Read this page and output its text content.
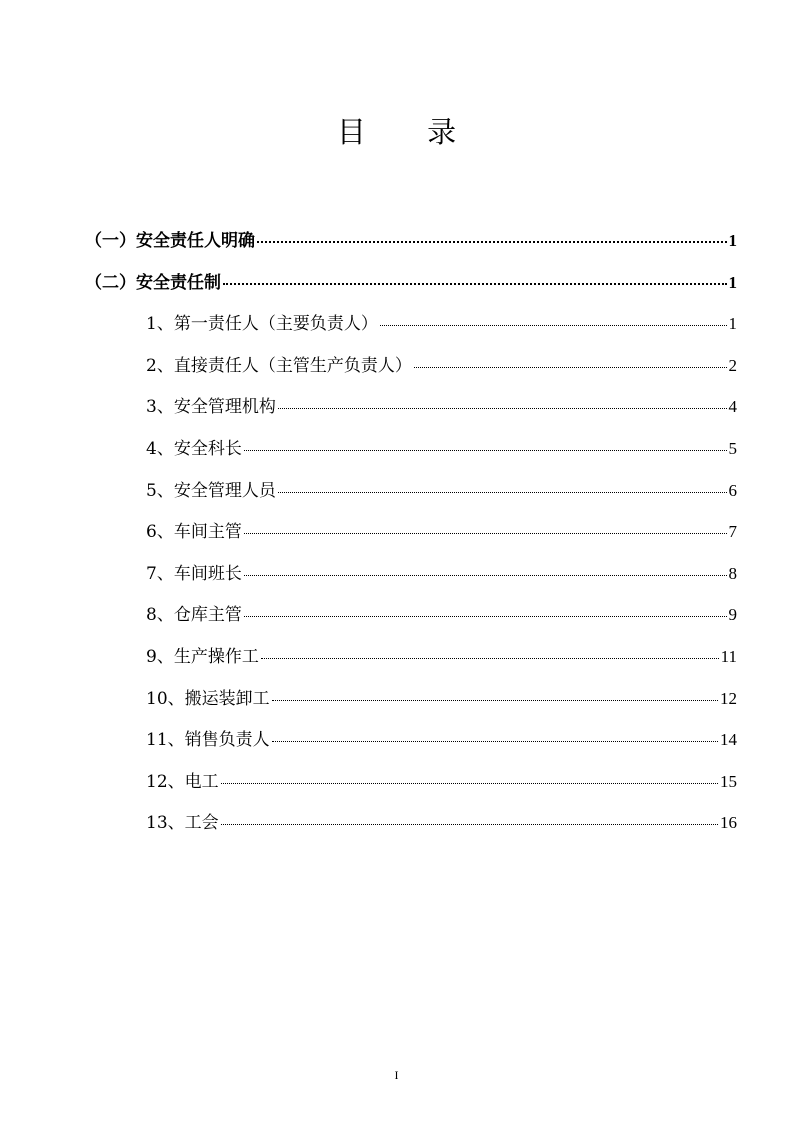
目 录
（一）安全责任人明确	1
（二）安全责任制	1
1、第一责任人（主要负责人）	1
2、直接责任人（主管生产负责人）	2
3、安全管理机构	4
4、安全科长	5
5、安全管理人员	6
6、车间主管	7
7、车间班长	8
8、仓库主管	9
9、生产操作工	11
10、搬运装卸工	12
11、销售负责人	14
12、电工	15
13、工会	16
I
